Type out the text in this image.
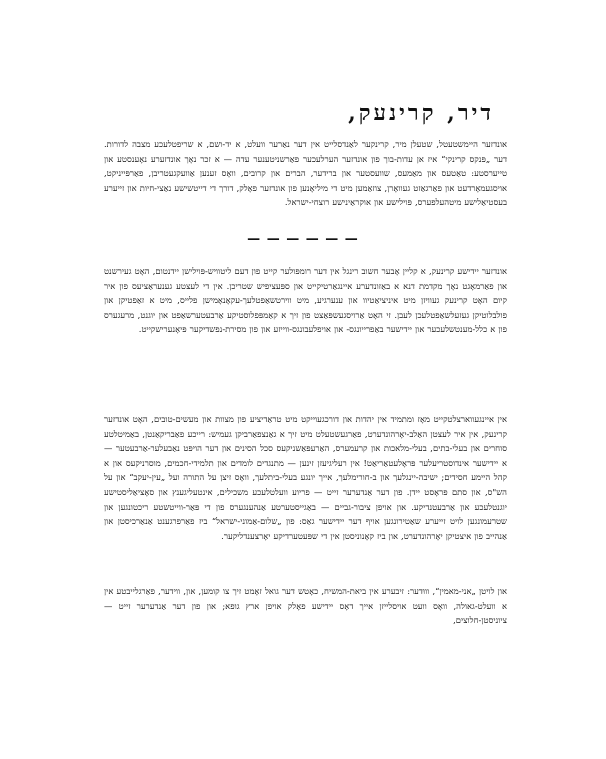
דיר, קרינעק,
אונדזער היימשטעטל, שטעלן מיר, קרינקער לאַנדסלייט אין דער נאַרער וועלט, א יד-ושם, א שריפטלעכע מצבה לדורות. דער „פּנקס קרינקי“ איז אן עדות-בוך פון אונדזער הערלעכער פאַרשניטענער עדה — א זכר נאָך אונדזערע נאָענסטע און טייערסטע: טאַטעס און מאַמעס, שוועסטער און ברידער, הברים און קרובים, וואָס זענען אַוועקגעטריבן, פאַרפּייניקט, אויסגעמאָרדעט און פאַרגאַזט געוואָרן, צוזאַמען מיט די מיליאָנען פון אונדזער פאָלק, דורך די דייטשישע נאַצי-חיות און זייערע בעסטיאַלישע מיטהעלפערס, פּוילישע און אוקראַינישע רוצחי-ישראל.
— — — — — —
אונדזער יידישע קרינעק, א קליין אָבער חשוב רינגל אין דער רומפּולער קייט פון דעם ליטוויש-פּוילישן יידנטום, האָט געירשנט און פאַרמאָגט נאָך מקדמת דנא א באַזונדערע איינגאַרטיקייט און ספּעציפיש שטריכן. אין די לעצטע גענעראַציעס פון איר קיום האָט קרינעק געוויזן מיט איניציאַטיוו און ענערגיע, מיט ווירטשאַפטלעך-עקאָנאָמישן פלייס, מיט א זאַפטיקן און פולבלוטיקן געזעלשאַפטלעכן לעבן. זי האָט אַרויסגעשפּאַצט פון זיך א קאַמפּפלוסטיקע אַרבעטערשאַפט און יוגנט, מרעגערס פון א כלל-מענטשלעכער און יידישער באַפרייונגס- און אויפלעבונגס-ווייזע און פון מסירת-נפשדיקער פּיאָנערישקייט.
אין איינגעווארצלטקייט מאָז ומתמיד אין יהדות און דורכגעוייקט מיט טראַדיציע פון מצוות און מעשים-טובים, האָט אונדזער קרינעק, אין איר לעצטן האַלב-יאָרהונדערט, פאַרגעשטעלט מיט זיך א גאַנצפאַרביקן געמיש: רייכע פאַבריקאַנטן, באַמיטלטע סוחרים און בעלי-בתים, בעלי-מלאכות און קרעמערס, האַרעפּאַשניקעס סכל הסינים און דער הויפּט נאַבעלער-אַרבעטער — א יידישער אינדוסטריעלער פּראָלעטאַריאַט! אין רעליגיעזן זינען — מתנגדים לומדים און תלמידי-חכמים, מוסרניקעס און א קהל היימע חסידים; ישיבה-יינגלעך און ב-חורימלעך, אייך יונגע בעלי-ביתלעך, וואָס זיצן על התורה ועל „עין-יעקב“ און על הש"ס, און סתם פּראָסט יידן. פון דער אַנדערער זייט — פריוע וועלטלעכע משכילים, אינטעליגענץ און סאָציאַליסטישע יוגנטלעכע און אַרבעטנדיקע. און אויפן ציבור-גביים — באַגייסטערטע אַנהענגערס פון די פּאַר-ווייטשטע ריכטונגען און שטרעמונגען לויט זייערע שאַטירונגען אויף דער יידישער גאַס: פון „שלום-אַמוני-ישראל“ ביז פאַרפרגענט אַנאַרכיסטן און אַנהייב פון איצטיקן יאָרהונדערט, און ביז קאָנוניסטן אין די שפּעטערדיקע יאָרצענדליקער.
און לויטן „אני-מאמין“, וווּדער: זיבערע אין ביאת-המשיח, כאָטש דער גואל זאָמט זיך צו קומען, און, ווידער, פאַרגלייבטע אין א וועלט-גאולה, וואָס וועט אויסלייזן אייך דאָס יידישע פאָלק אויפן ארץ גופא; און פון דער אַנדערער זייט — ציוניסטן-חלוצים,
